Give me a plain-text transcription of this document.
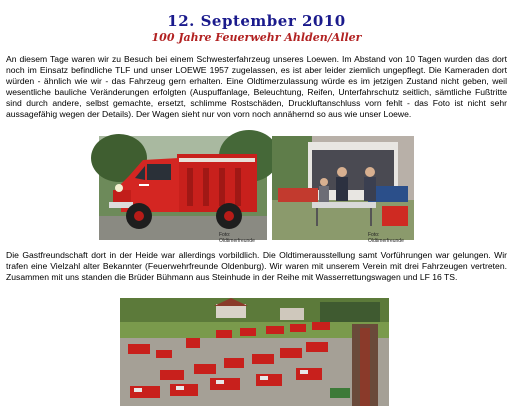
12. September 2010
100 Jahre Feuerwehr Ahlden/Aller
An diesem Tage waren wir zu Besuch bei einem Schwesterfahrzeug unseres Loewen. Im Abstand von 10 Tagen wurden das dort noch im Einsatz befindliche TLF und unser LOEWE 1957 zugelassen, es ist aber leider ziemlich ungepflegt. Die Kameraden dort würden - ähnlich wie wir - das Fahrzeug gern erhalten. Eine Oldtimerzulassung würde es im jetzigen Zustand nicht geben, weil wesentliche bauliche Veränderungen erfolgten (Auspuffanlage, Beleuchtung, Reifen, Unterfahrschutz seitlich, sämtliche Fußtritte sind durch andere, selbst gemachte, ersetzt, schlimme Rostschäden, Druckluftanschluss vorn fehlt - das Foto ist nicht sehr aussagefähig wegen der Details). Der Wagen sieht nur von vorn noch annähernd so aus wie unser Loewe.
Foto: Oldtimerfreunde
Foto: Oldtimerfreunde
Die Gastfreundschaft dort in der Heide war allerdings vorbildlich. Die Oldtimerausstellung samt Vorführungen war gelungen. Wir trafen eine Vielzahl alter Bekannter (Feuerwehrfreunde Oldenburg). Wir waren mit unserem Verein mit drei Fahrzeugen vertreten. Zusammen mit uns standen die Brüder Bühmann aus Steinhude in der Reihe mit Wasserrettungswagen und LF 16 TS.
